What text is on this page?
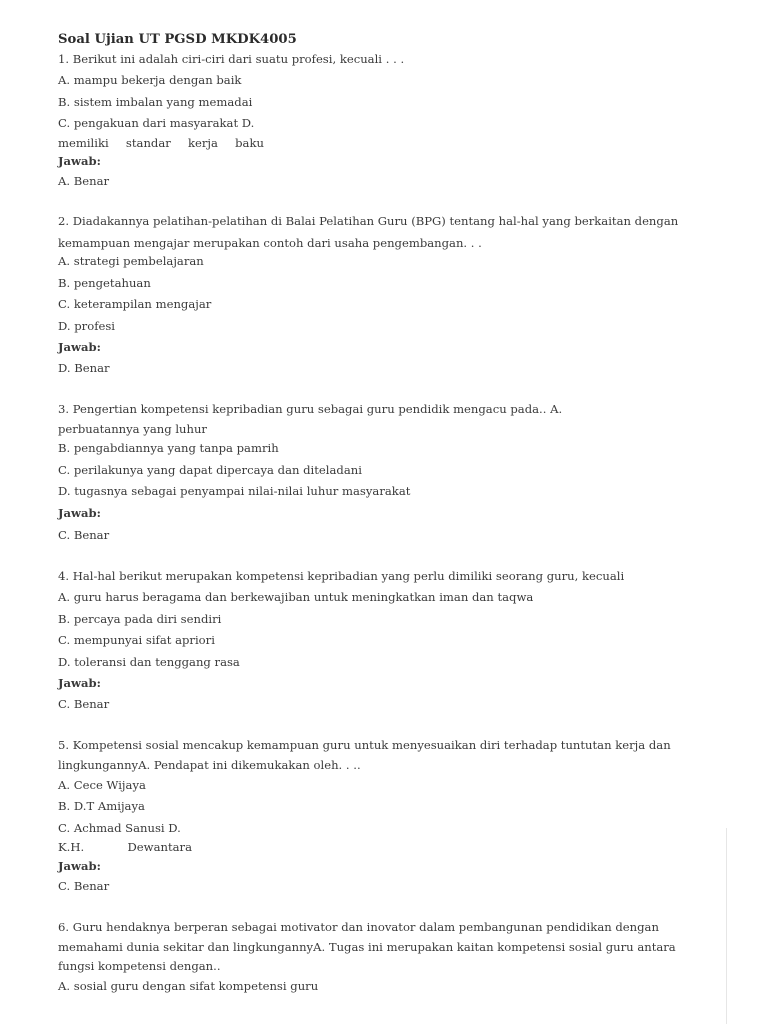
Soal Ujian UT PGSD MKDK4005
1. Berikut ini adalah ciri-ciri dari suatu profesi, kecuali . . .
A. mampu bekerja dengan baik
B. sistem imbalan yang memadai
C. pengakuan dari masyarakat D.
memiliki standar kerja baku
Jawab:
A. Benar
2. Diadakannya pelatihan-pelatihan di Balai Pelatihan Guru (BPG) tentang hal-hal yang berkaitan dengan
kemampuan mengajar merupakan contoh dari usaha pengembangan. . .
A. strategi pembelajaran
B. pengetahuan
C. keterampilan mengajar
D. profesi
Jawab:
D. Benar
3. Pengertian kompetensi kepribadian guru sebagai guru pendidik mengacu pada.. A.
perbuatannya yang luhur
B. pengabdiannya yang tanpa pamrih
C. perilakunya yang dapat dipercaya dan diteladani
D. tugasnya sebagai penyampai nilai-nilai luhur masyarakat
Jawab:
C. Benar
4. Hal-hal berikut merupakan kompetensi kepribadian yang perlu dimiliki seorang guru, kecuali
A. guru harus beragama dan berkewajiban untuk meningkatkan iman dan taqwa
B. percaya pada diri sendiri
C. mempunyai sifat apriori
D. toleransi dan tenggang rasa
Jawab:
C. Benar
5. Kompetensi sosial mencakup kemampuan guru untuk menyesuaikan diri terhadap tuntutan kerja dan
lingkungannyA. Pendapat ini dikemukakan oleh. . ..
A. Cece Wijaya
B. D.T Amijaya
C. Achmad Sanusi D.
K.H.	Dewantara
Jawab:
C. Benar
6. Guru hendaknya berperan sebagai motivator dan inovator dalam pembangunan pendidikan dengan
memahami dunia sekitar dan lingkungannyA. Tugas ini merupakan kaitan kompetensi sosial guru antara
fungsi kompetensi dengan..
A. sosial guru dengan sifat kompetensi guru
